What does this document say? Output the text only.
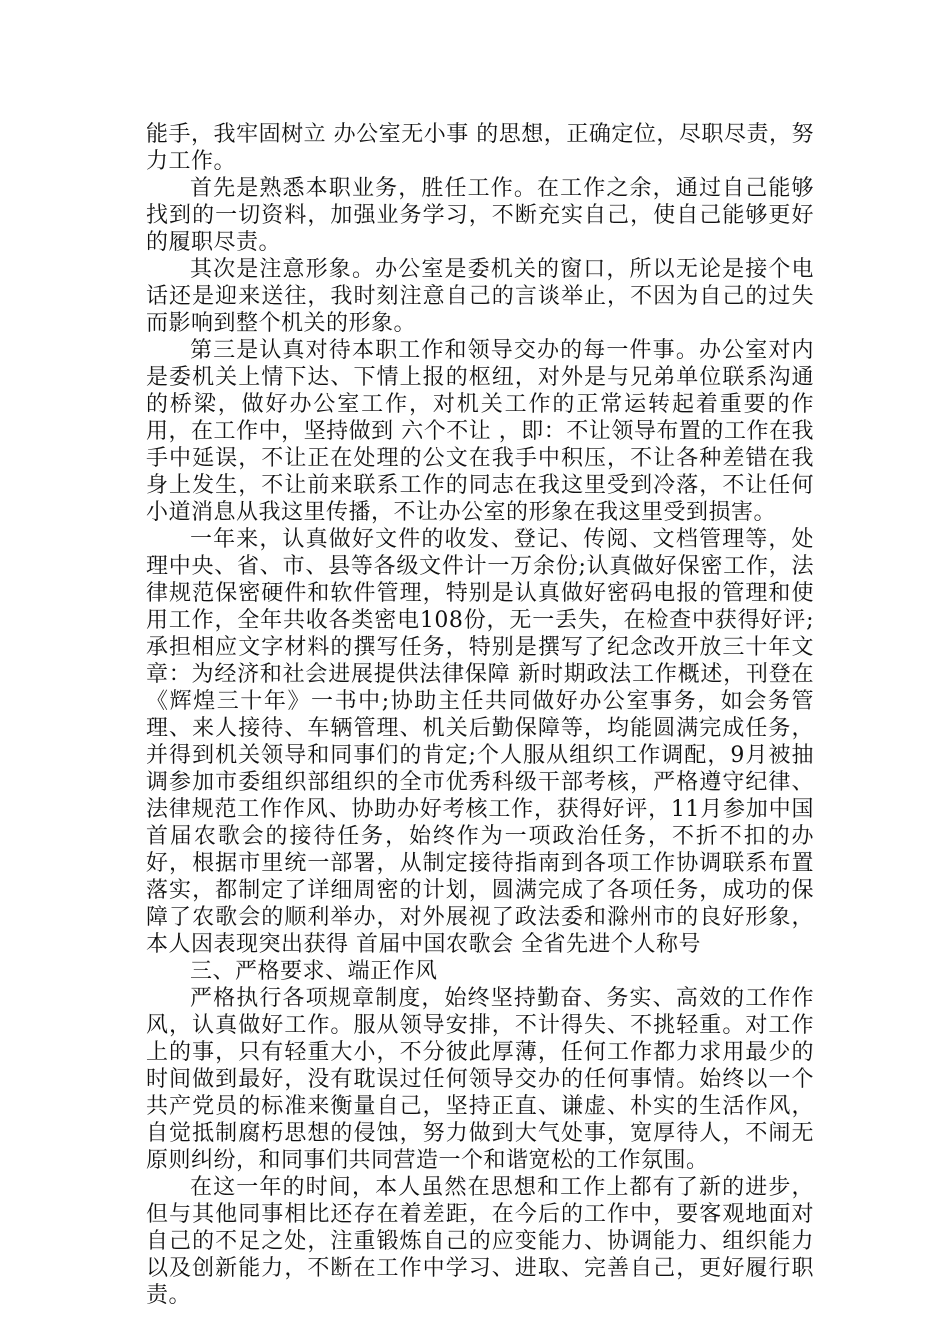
能手，我牢固树立 办公室无小事 的思想，正确定位，尽职尽责，努力工作。

首先是熟悉本职业务，胜任工作。在工作之余，通过自己能够找到的一切资料，加强业务学习，不断充实自己，使自己能够更好的履职尽责。

其次是注意形象。办公室是委机关的窗口，所以无论是接个电话还是迎来送往，我时刻注意自己的言谈举止，不因为自己的过失而影响到整个机关的形象。

第三是认真对待本职工作和领导交办的每一件事。办公室对内是委机关上情下达、下情上报的枢纽，对外是与兄弟单位联系沟通的桥梁，做好办公室工作，对机关工作的正常运转起着重要的作用，在工作中，坚持做到 六个不让 ，即：不让领导布置的工作在我手中延误，不让正在处理的公文在我手中积压，不让各种差错在我身上发生，不让前来联系工作的同志在我这里受到冷落，不让任何小道消息从我这里传播，不让办公室的形象在我这里受到损害。

一年来，认真做好文件的收发、登记、传阅、文档管理等，处理中央、省、市、县等各级文件计一万余份;认真做好保密工作，法律规范保密硬件和软件管理，特别是认真做好密码电报的管理和使用工作，全年共收各类密电108份，无一丢失，在检查中获得好评;承担相应文字材料的撰写任务，特别是撰写了纪念改开放三十年文章：为经济和社会进展提供法律保障 新时期政法工作概述，刊登在《辉煌三十年》一书中;协助主任共同做好办公室事务，如会务管理、来人接待、车辆管理、机关后勤保障等，均能圆满完成任务，并得到机关领导和同事们的肯定;个人服从组织工作调配，9月被抽调参加市委组织部组织的全市优秀科级干部考核，严格遵守纪律、法律规范工作作风、协助办好考核工作，获得好评，11月参加中国首届农歌会的接待任务，始终作为一项政治任务，不折不扣的办好，根据市里统一部署，从制定接待指南到各项工作协调联系布置落实，都制定了详细周密的计划，圆满完成了各项任务，成功的保障了农歌会的顺利举办，对外展视了政法委和滁州市的良好形象，本人因表现突出获得 首届中国农歌会 全省先进个人称号

三、严格要求、端正作风

严格执行各项规章制度，始终坚持勤奋、务实、高效的工作作风，认真做好工作。服从领导安排，不计得失、不挑轻重。对工作上的事，只有轻重大小，不分彼此厚薄，任何工作都力求用最少的时间做到最好，没有耽误过任何领导交办的任何事情。始终以一个共产党员的标准来衡量自己，坚持正直、谦虚、朴实的生活作风，自觉抵制腐朽思想的侵蚀，努力做到大气处事，宽厚待人，不闹无原则纠纷，和同事们共同营造一个和谐宽松的工作氛围。

在这一年的时间，本人虽然在思想和工作上都有了新的进步，但与其他同事相比还存在着差距，在今后的工作中，要客观地面对自己的不足之处，注重锻炼自己的应变能力、协调能力、组织能力以及创新能力，不断在工作中学习、进取、完善自己，更好履行职责。
